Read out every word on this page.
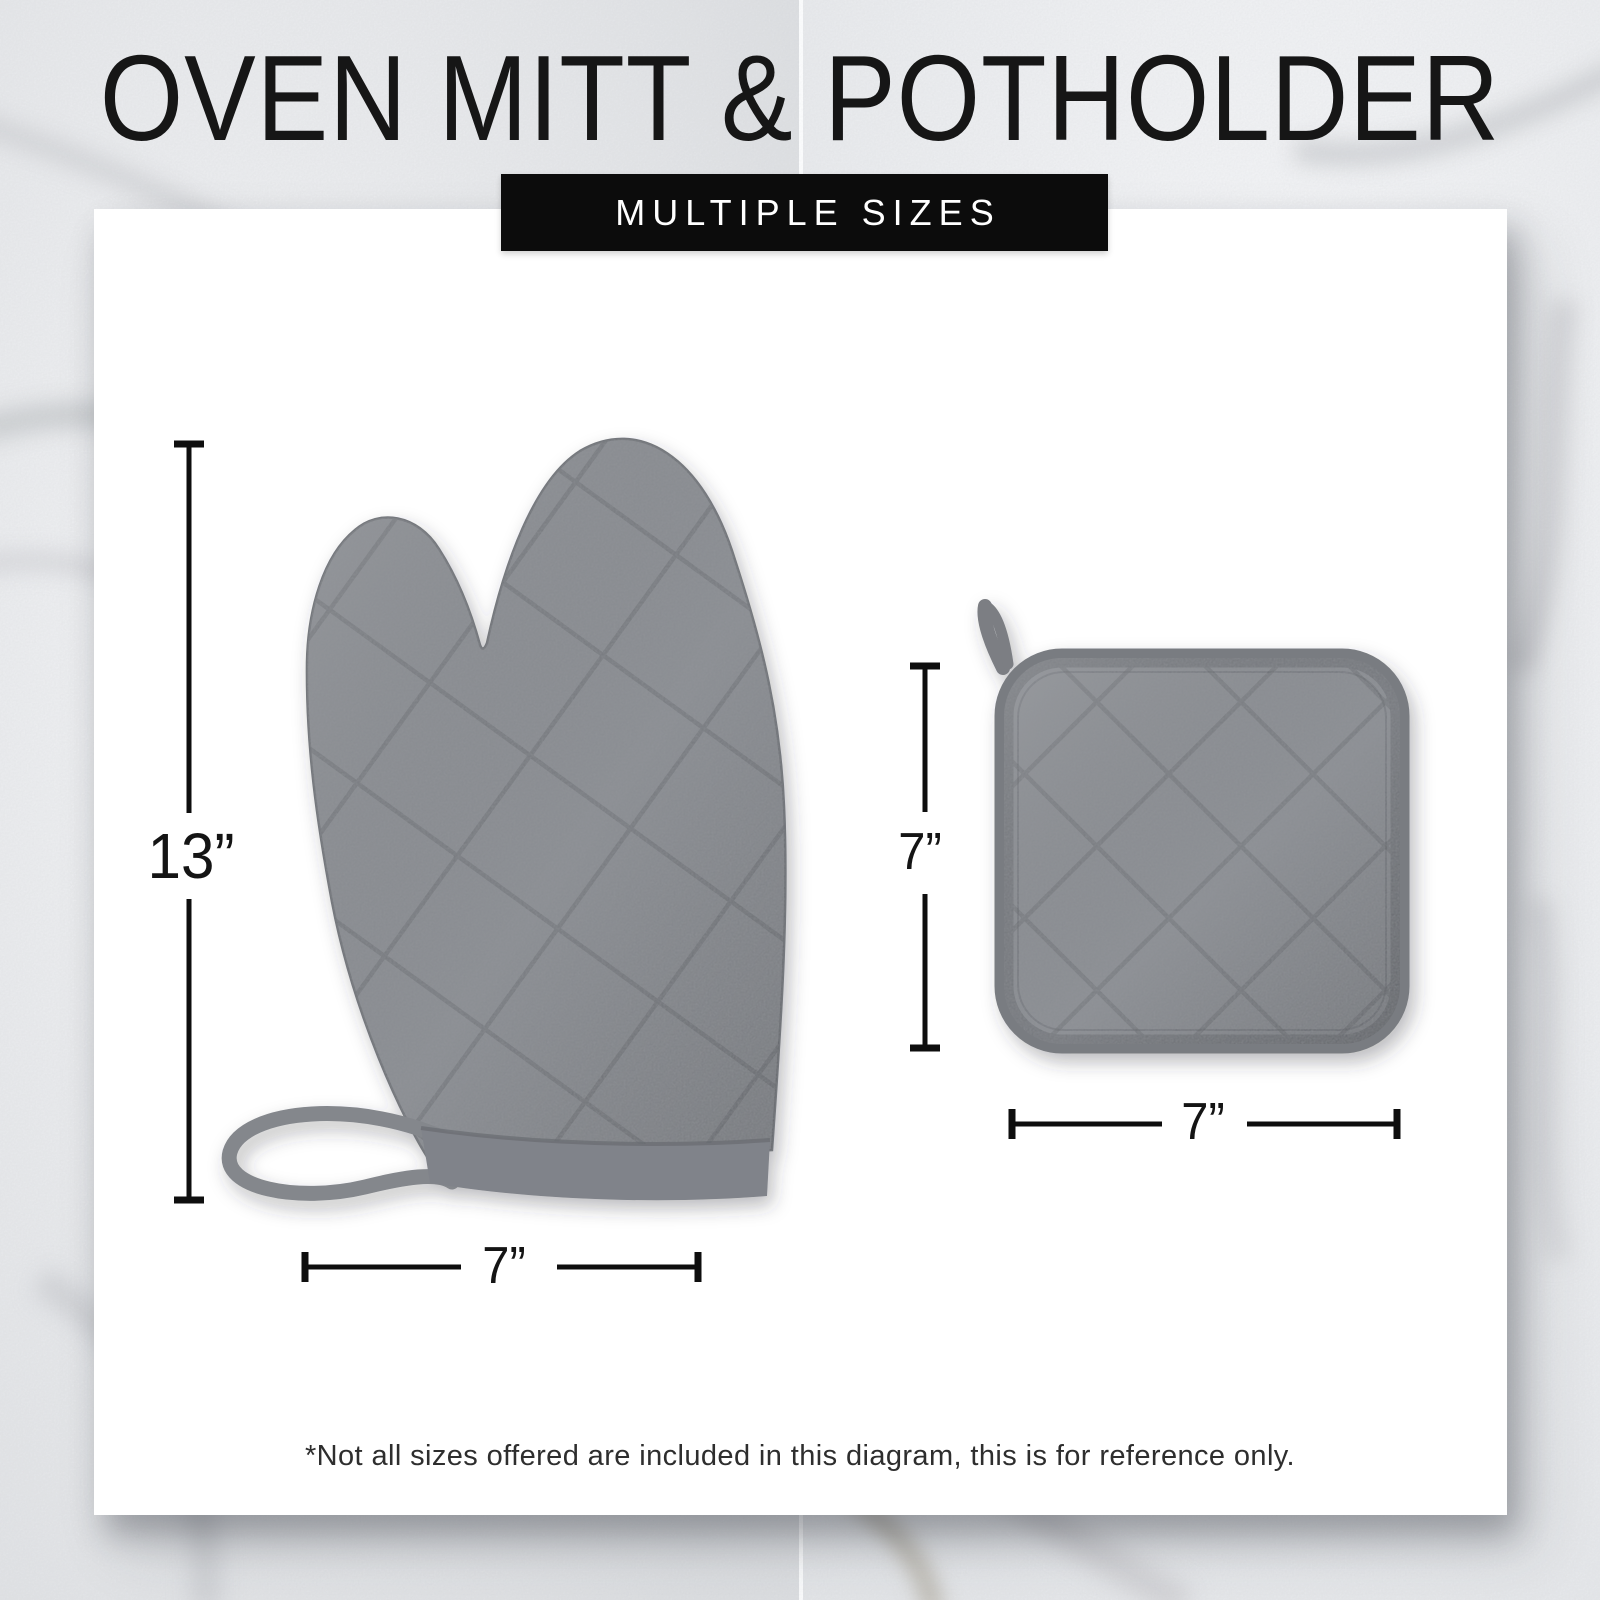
OVEN MITT & POTHOLDER
MULTIPLE SIZES
13”
7”
7”
7”
*Not all sizes offered are included in this diagram, this is for reference only.
